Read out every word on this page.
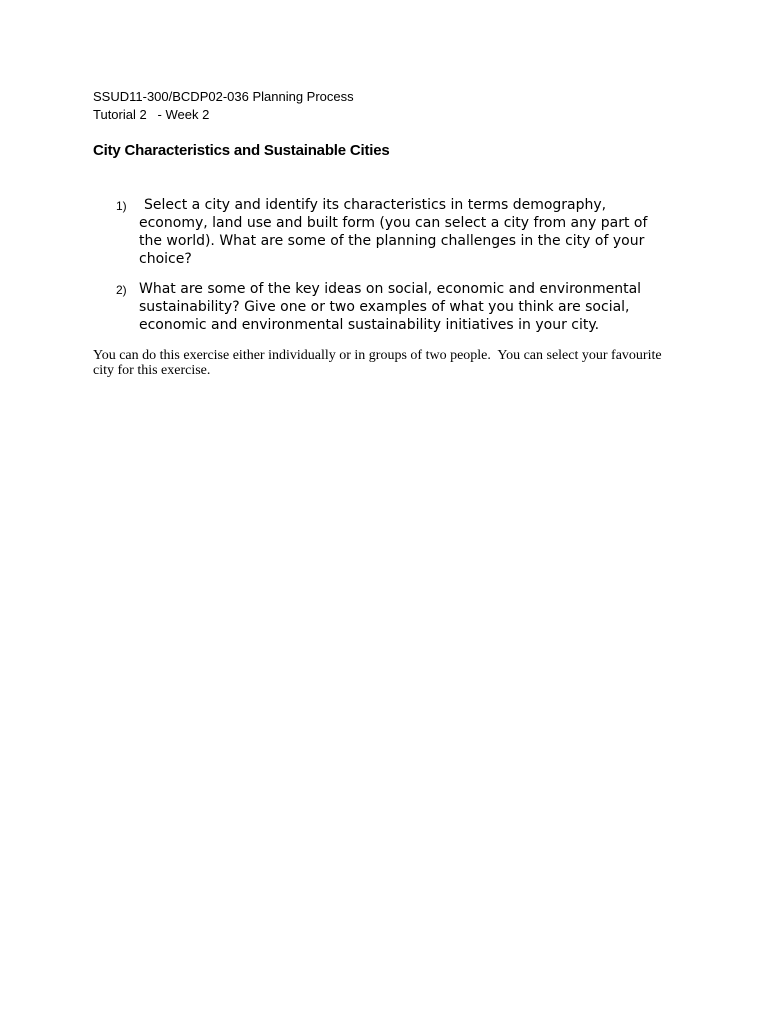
SSUD11-300/BCDP02-036 Planning Process
Tutorial 2   - Week 2
City Characteristics and Sustainable Cities
1)	Select a city and identify its characteristics in terms demography, economy, land use and built form (you can select a city from any part of the world). What are some of the planning challenges in the city of your choice?
2) What are some of the key ideas on social, economic and environmental sustainability? Give one or two examples of what you think are social, economic and environmental sustainability initiatives in your city.
You can do this exercise either individually or in groups of two people.  You can select your favourite city for this exercise.
